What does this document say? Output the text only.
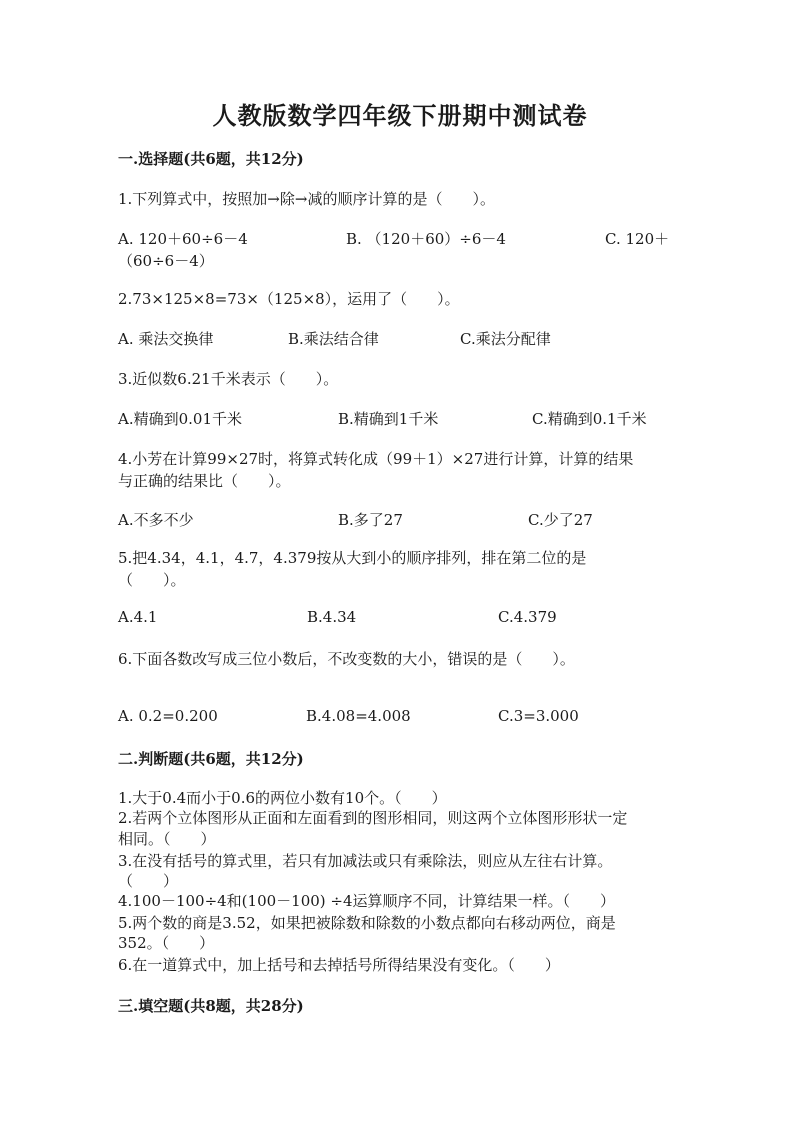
人教版数学四年级下册期中测试卷
一.选择题(共6题，共12分)
1.下列算式中，按照加→除→减的顺序计算的是（　　）。
A. 120＋60÷6－4	B. （120＋60）÷6－4	C. 120＋
（60÷6－4）
2.73×125×8=73×（125×8），运用了（　　）。
A. 乘法交换律	B.乘法结合律	C.乘法分配律
3.近似数6.21千米表示（　　）。
A.精确到0.01千米	B.精确到1千米	C.精确到0.1千米
4.小芳在计算99×27时，将算式转化成（99＋1）×27进行计算，计算的结果
与正确的结果比（　　）。
A.不多不少	B.多了27	C.少了27
5.把4.34，4.1，4.7，4.379按从大到小的顺序排列，排在第二位的是
（　　）。
A.4.1	B.4.34	C.4.379
6.下面各数改写成三位小数后，不改变数的大小，错误的是（　　）。
A. 0.2=0.200	B.4.08=4.008	C.3=3.000
二.判断题(共6题，共12分)
1.大于0.4而小于0.6的两位小数有10个。（　　）
2.若两个立体图形从正面和左面看到的图形相同，则这两个立体图形形状一定
相同。（　　）
3.在没有括号的算式里，若只有加减法或只有乘除法，则应从左往右计算。
（　　）
4.100－100÷4和(100－100) ÷4运算顺序不同，计算结果一样。（　　）
5.两个数的商是3.52，如果把被除数和除数的小数点都向右移动两位，商是
352。（　　）
6.在一道算式中，加上括号和去掉括号所得结果没有变化。（　　）
三.填空题(共8题，共28分)
